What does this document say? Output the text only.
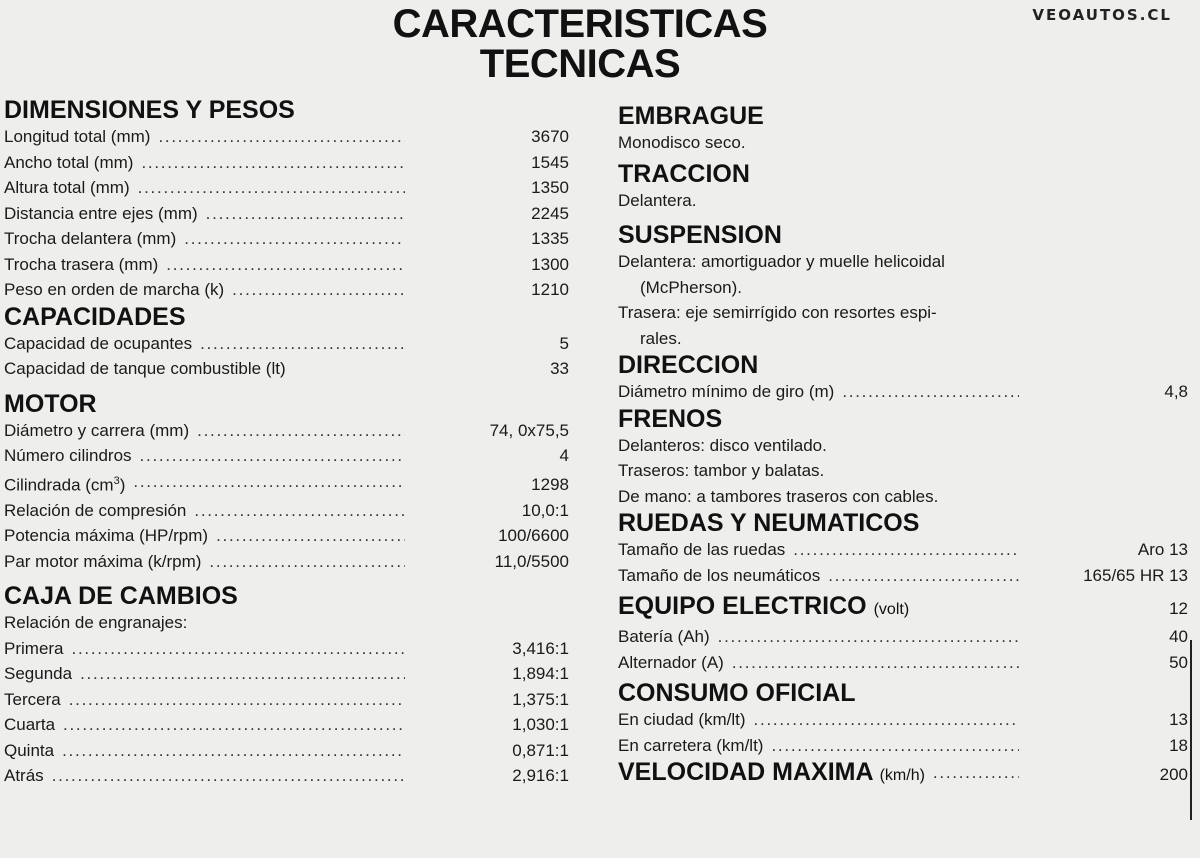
VEOAUTOS.CL
CARACTERISTICAS
TECNICAS
DIMENSIONES Y PESOS
Longitud total (mm) . . .	3670
Ancho total (mm) . . .	1545
Altura total (mm) . . .	1350
Distancia entre ejes (mm) . . .	2245
Trocha delantera (mm) . . .	1335
Trocha trasera (mm) . . .	1300
Peso en orden de marcha (k) . . .	1210
CAPACIDADES
Capacidad de ocupantes . . .	5
Capacidad de tanque combustible (lt)	33
MOTOR
Diámetro y carrera (mm) . . .	74, 0x75,5
Número cilindros . . .	4
Cilindrada $(cm^3)$ . . .	1298
Relación de compresión . . .	10,0:1
Potencia máxima (HP/rpm) . . .	100/6600
Par motor máxima (k/rpm) . . .	11,0/5500
CAJA DE CAMBIOS
Relación de engranajes:
Primera . . .	3,416:1
Segunda . . .	1,894:1
Tercera . . .	1,375:1
Cuarta . . .	1,030:1
Quinta . . .	0,871:1
Atrás . . .	2,916:1
EMBRAGUE
Monodisco seco.
TRACCION
Delantera.
SUSPENSION
Delantera: amortiguador y muelle helicoidal
(McPherson).
Trasera: eje semirrígido con resortes espi-
rales.
DIRECCION
Diámetro mínimo de giro (m) . . .	4,8
FRENOS
Delanteros: disco ventilado.
Traseros: tambor y balatas.
De mano: a tambores traseros con cables.
RUEDAS Y NEUMATICOS
Tamaño de las ruedas . . .	Aro 13
Tamaño de los neumáticos . . .	165/65 HR 13
EQUIPO ELECTRICO (volt)	12
Batería (Ah) . . .	40
Alternador (A) . . .	50
CONSUMO OFICIAL
En ciudad (km/lt) . . .	13
En carretera (km/lt) . . .	18
VELOCIDAD MAXIMA (km/h) . . .	200
